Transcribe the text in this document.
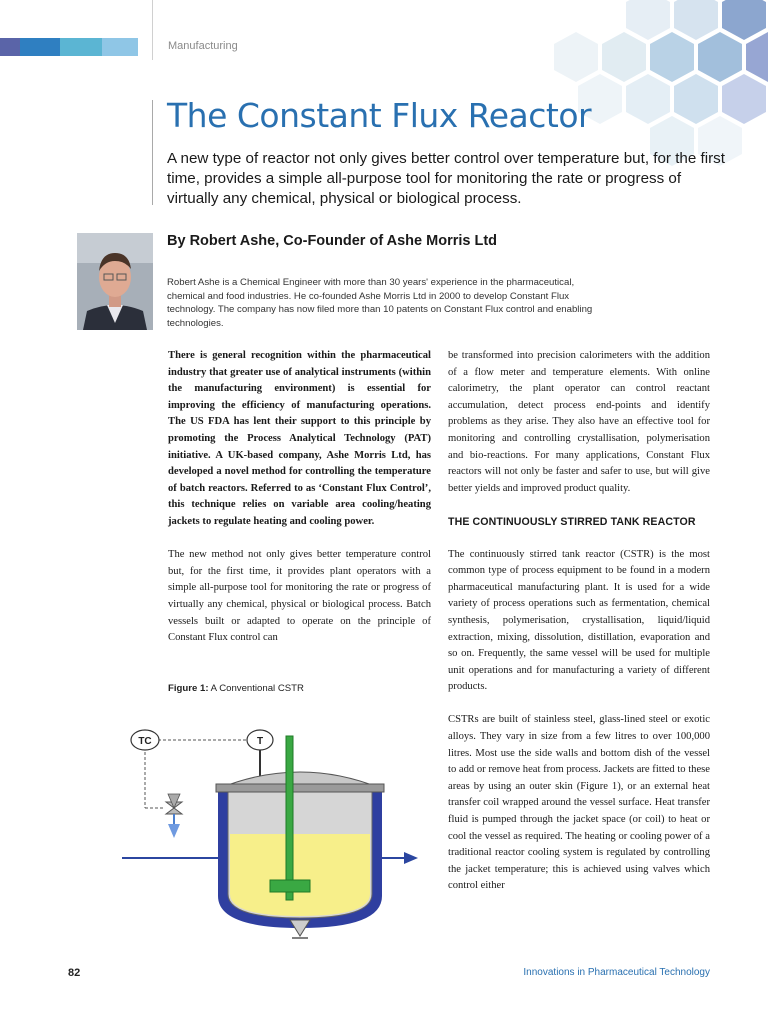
Manufacturing
The Constant Flux Reactor
A new type of reactor not only gives better control over temperature but, for the first time, provides a simple all-purpose tool for monitoring the rate or progress of virtually any chemical, physical or biological process.
By Robert Ashe, Co-Founder of Ashe Morris Ltd
Robert Ashe is a Chemical Engineer with more than 30 years' experience in the pharmaceutical, chemical and food industries. He co-founded Ashe Morris Ltd in 2000 to develop Constant Flux technology. The company has now filed more than 10 patents on Constant Flux control and enabling technologies.

There is general recognition within the pharmaceutical industry that greater use of analytical instruments (within the manufacturing environment) is essential for improving the efficiency of manufacturing operations. The US FDA has lent their support to this principle by promoting the Process Analytical Technology (PAT) initiative. A UK-based company, Ashe Morris Ltd, has developed a novel method for controlling the temperature of batch reactors. Referred to as ‘Constant Flux Control’, this technique relies on variable area cooling/heating jackets to regulate heating and cooling power.

The new method not only gives better temperature control but, for the first time, it provides plant operators with a simple all-purpose tool for monitoring the rate or progress of virtually any chemical, physical or biological process. Batch vessels built or adapted to operate on the principle of Constant Flux control can

Figure 1: A Conventional CSTR
TC	T

be transformed into precision calorimeters with the addition of a flow meter and temperature elements. With online calorimetry, the plant operator can control reactant accumulation, detect process end-points and identify problems as they arise. They also have an effective tool for monitoring and controlling crystallisation, polymerisation and bio-reactions. For many applications, Constant Flux reactors will not only be faster and safer to use, but will give better yields and improved product quality.

THE CONTINUOUSLY STIRRED TANK REACTOR

The continuously stirred tank reactor (CSTR) is the most common type of process equipment to be found in a modern pharmaceutical manufacturing plant. It is used for a wide variety of process operations such as fermentation, chemical synthesis, polymerisation, crystallisation, liquid/liquid extraction, mixing, dissolution, distillation, evaporation and so on. Frequently, the same vessel will be used for multiple unit operations and for manufacturing a variety of different products.

CSTRs are built of stainless steel, glass-lined steel or exotic alloys. They vary in size from a few litres to over 100,000 litres. Most use the side walls and bottom dish of the vessel to add or remove heat from process. Jackets are fitted to these areas by using an outer skin (Figure 1), or an external heat transfer coil wrapped around the vessel surface. Heat transfer fluid is pumped through the jacket space (or coil) to heat or cool the vessel as required. The heating or cooling power of a traditional reactor cooling system is regulated by controlling the jacket temperature; this is achieved using valves which control either

82	Innovations in Pharmaceutical Technology
